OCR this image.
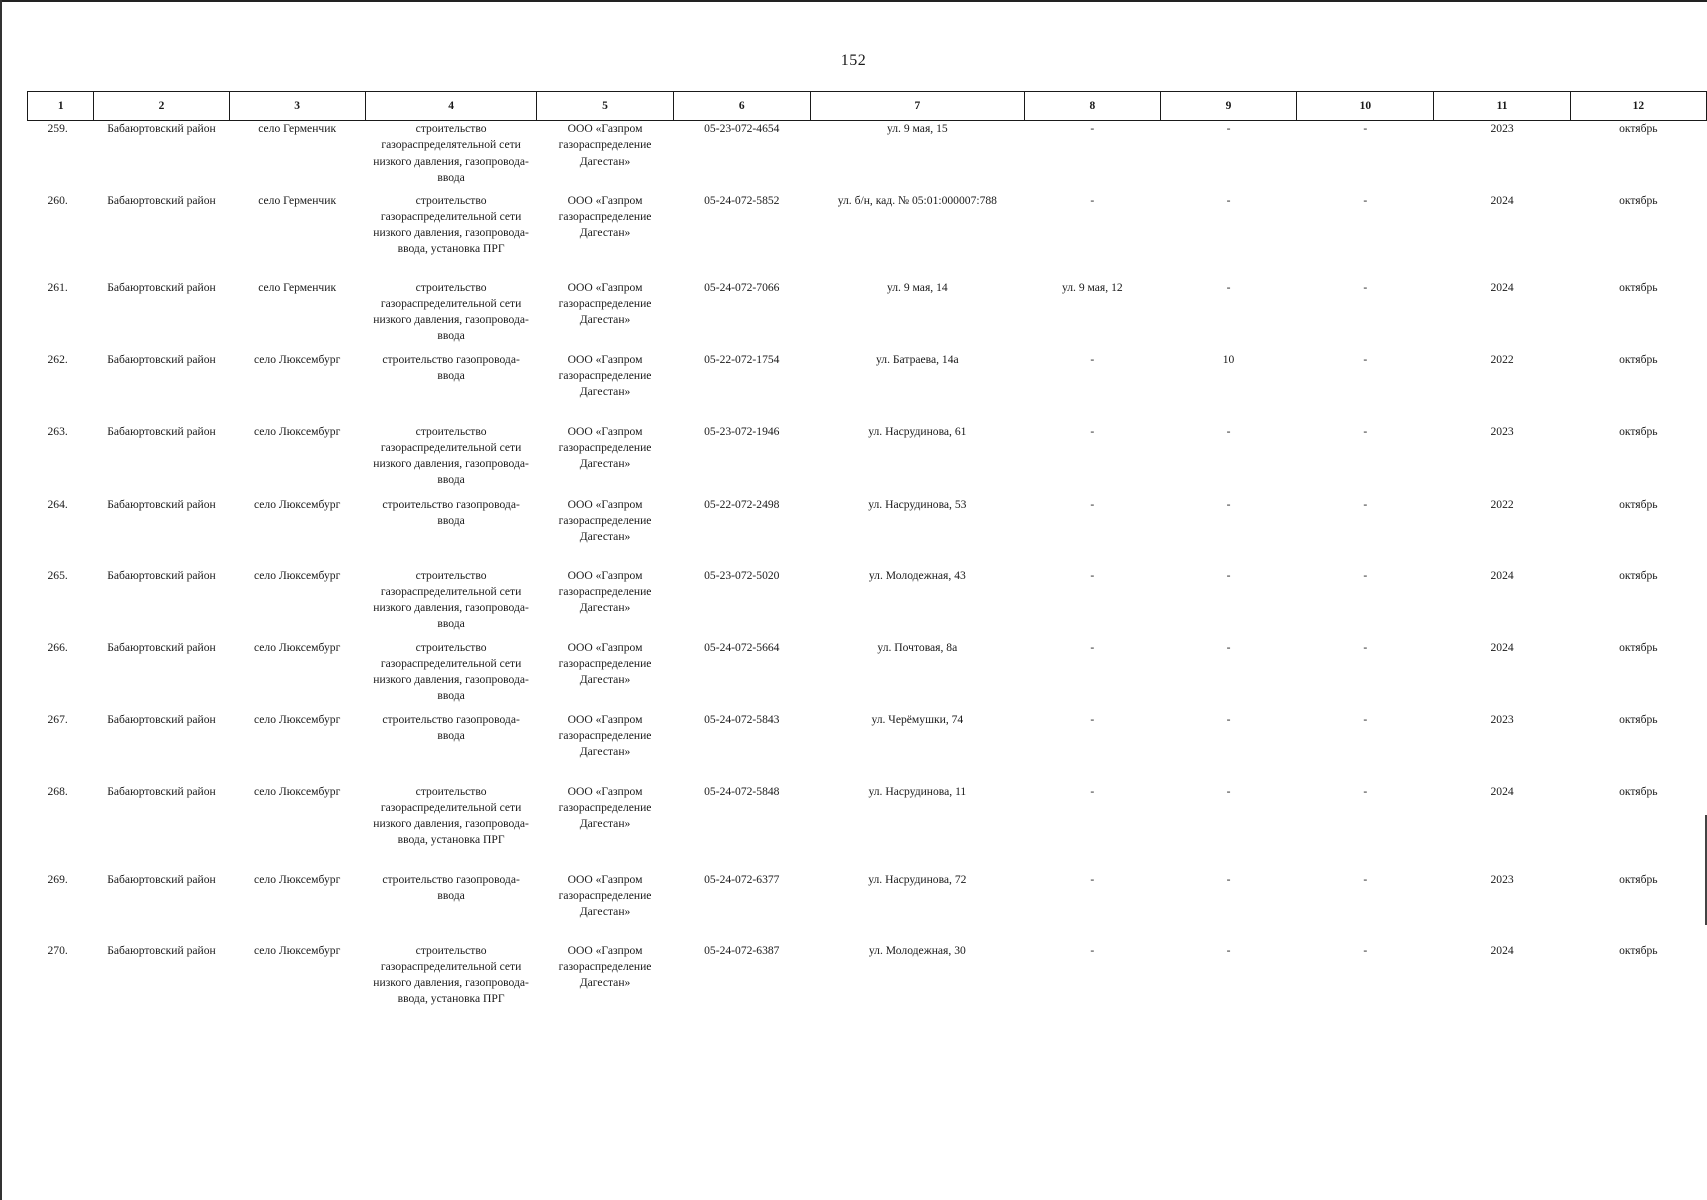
152
1	2	3	4	5	6	7	8	9	10	11	12
259.	Бабаюртовский район	село Герменчик	строительство газораспределятельной сети низкого давления, газопровода-ввода	ООО «Газпром газораспределение Дагестан»	05-23-072-4654	ул. 9 мая, 15	-	-	-	2023	октябрь
260.	Бабаюртовский район	село Герменчик	строительство газораспределительной сети низкого давления, газопровода-ввода, установка ПРГ	ООО «Газпром газораспределение Дагестан»	05-24-072-5852	ул. б/н, кад. № 05:01:000007:788	-	-	-	2024	октябрь
261.	Бабаюртовский район	село Герменчик	строительство газораспределительной сети низкого давления, газопровода-ввода	ООО «Газпром газораспределение Дагестан»	05-24-072-7066	ул. 9 мая, 14	ул. 9 мая, 12	-	-	2024	октябрь
262.	Бабаюртовский район	село Люксембург	строительство газопровода-ввода	ООО «Газпром газораспределение Дагестан»	05-22-072-1754	ул. Батраева, 14а	-	10	-	2022	октябрь
263.	Бабаюртовский район	село Люксембург	строительство газораспределительной сети низкого давления, газопровода-ввода	ООО «Газпром газораспределение Дагестан»	05-23-072-1946	ул. Насрудинова, 61	-	-	-	2023	октябрь
264.	Бабаюртовский район	село Люксембург	строительство газопровода-ввода	ООО «Газпром газораспределение Дагестан»	05-22-072-2498	ул. Насрудинова, 53	-	-	-	2022	октябрь
265.	Бабаюртовский район	село Люксембург	строительство газораспределительной сети низкого давления, газопровода-ввода	ООО «Газпром газораспределение Дагестан»	05-23-072-5020	ул. Молодежная, 43	-	-	-	2024	октябрь
266.	Бабаюртовский район	село Люксембург	строительство газораспределительной сети низкого давления, газопровода-ввода	ООО «Газпром газораспределение Дагестан»	05-24-072-5664	ул. Почтовая, 8а	-	-	-	2024	октябрь
267.	Бабаюртовский район	село Люксембург	строительство газопровода-ввода	ООО «Газпром газораспределение Дагестан»	05-24-072-5843	ул. Черёмушки, 74	-	-	-	2023	октябрь
268.	Бабаюртовский район	село Люксембург	строительство газораспределительной сети низкого давления, газопровода-ввода, установка ПРГ	ООО «Газпром газораспределение Дагестан»	05-24-072-5848	ул. Насрудинова, 11	-	-	-	2024	октябрь
269.	Бабаюртовский район	село Люксембург	строительство газопровода-ввода	ООО «Газпром газораспределение Дагестан»	05-24-072-6377	ул. Насрудинова, 72	-	-	-	2023	октябрь
270.	Бабаюртовский район	село Люксембург	строительство газораспределительной сети низкого давления, газопровода-ввода, установка ПРГ	ООО «Газпром газораспределение Дагестан»	05-24-072-6387	ул. Молодежная, 30	-	-	-	2024	октябрь
